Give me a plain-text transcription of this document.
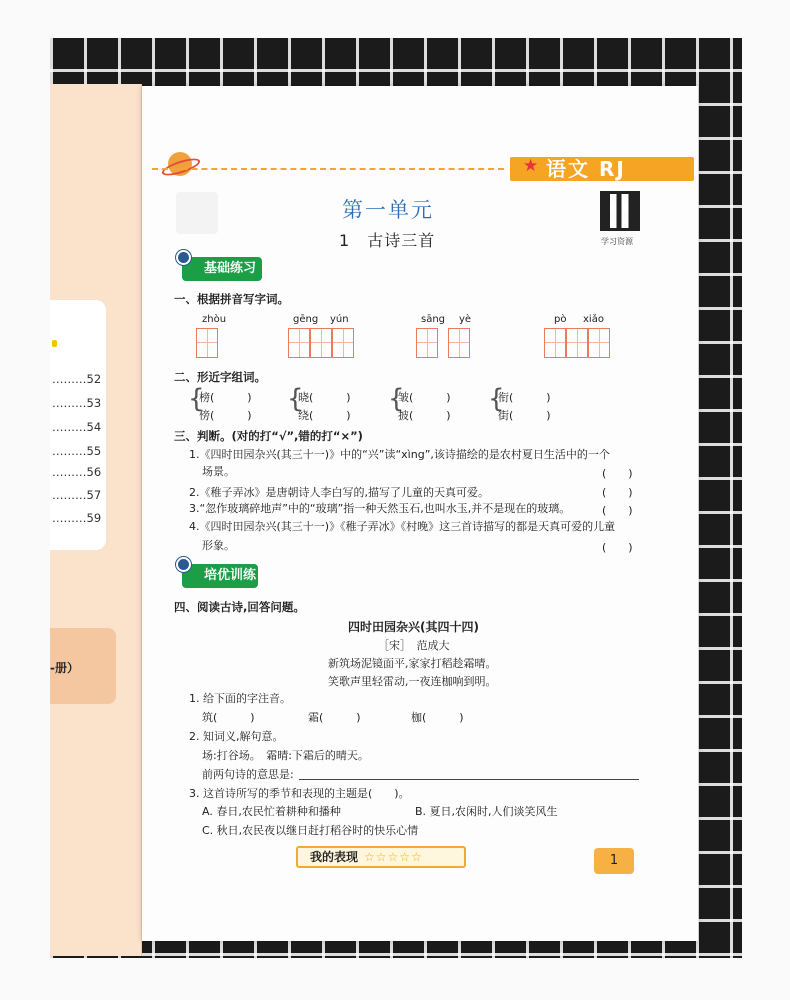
………52
………53
………54
………55
………56
………57
………59
-册）
★ 语文 RJ
第一单元
1　 古诗三首	学习资源
基础练习
一、根据拼音写字词。
zhòu	gēng yún	sāng yè	pò xiǎo
二、形近字组词。
{
榜(　　　)
傍(　　　)
{
晓(　　　)
绕(　　　)
{
皱(　　　)
披(　　　)
{
衔(　　　)
街(　　　)
三、判断。(对的打“√”,错的打“×”)
1.《四时田园杂兴(其三十一)》中的“兴”读“xìng”,该诗描绘的是农村夏日生活中的一个
场景。	(　　)
2.《稚子弄冰》是唐朝诗人李白写的,描写了儿童的天真可爱。	(　　)
3.“忽作玻璃碎地声”中的“玻璃”指一种天然玉石,也叫水玉,并不是现在的玻璃。	(　　)
4.《四时田园杂兴(其三十一)》《稚子弄冰》《村晚》这三首诗描写的都是天真可爱的儿童
形象。	(　　)
培优训练
四、阅读古诗,回答问题。
四时田园杂兴(其四十四)
［宋］　范成大
新筑场泥镜面平,家家打稻趁霜晴。
笑歌声里轻雷动,一夜连枷响到明。
1. 给下面的字注音。
筑(　　　)	霜(　　　)	枷(　　　)
2. 知词义,解句意。
场:打谷场。　霜晴:下霜后的晴天。
前两句诗的意思是:
3. 这首诗所写的季节和表现的主题是(　　)。
A. 春日,农民忙着耕种和播种	B. 夏日,农闲时,人们谈笑风生
C. 秋日,农民夜以继日赶打稻谷时的快乐心情
我的表现 ☆☆☆☆☆	1
